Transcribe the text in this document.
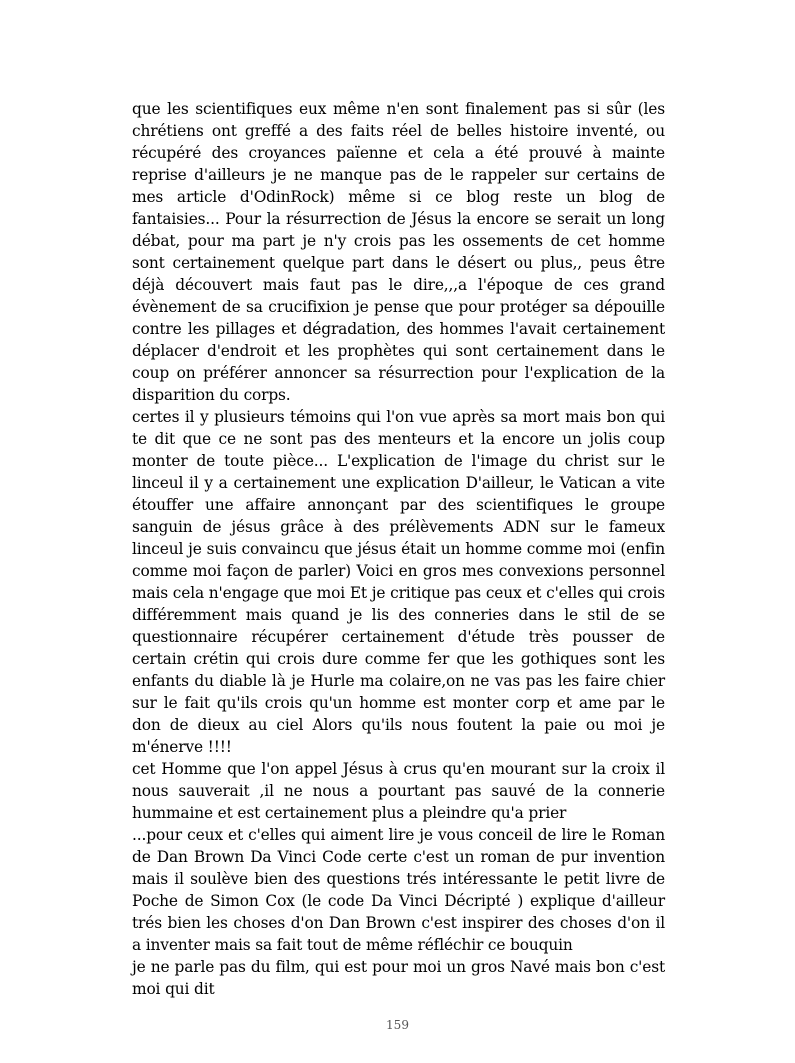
que les scientifiques eux même n'en sont finalement pas si sûr (les chrétiens ont greffé a des faits réel de belles histoire inventé, ou récupéré des croyances païenne et cela a été prouvé à mainte reprise d'ailleurs je ne manque pas de le rappeler sur certains de mes article d'OdinRock) même si ce blog reste un blog de fantaisies... Pour la résurrection de Jésus la encore se serait un long débat, pour ma part je n'y crois pas les ossements de cet homme sont certainement quelque part dans le désert ou plus,, peus être déjà découvert mais faut pas le dire,,,a l'époque de ces grand évènement de sa crucifixion je pense que pour protéger sa dépouille contre les pillages et dégradation, des hommes l'avait certainement déplacer d'endroit et les prophètes qui sont certainement dans le coup on préférer annoncer sa résurrection pour l'explication de la disparition du corps.

certes il y plusieurs témoins qui l'on vue après sa mort mais bon qui te dit que ce ne sont pas des menteurs et la encore un jolis coup monter de toute pièce... L'explication de l'image du christ sur le linceul il y a certainement une explication D'ailleur, le Vatican a vite étouffer une affaire annonçant par des scientifiques le groupe sanguin de jésus grâce à des prélèvements ADN sur le fameux linceul je suis convaincu que jésus était un homme comme moi (enfin comme moi façon de parler) Voici en gros mes convexions personnel mais cela n'engage que moi Et je critique pas ceux et c'elles qui crois différemment mais quand je lis des conneries dans le stil de se questionnaire récupérer certainement d'étude très pousser de certain crétin qui crois dure comme fer que les gothiques sont les enfants du diable là je Hurle ma colaire,on ne vas pas les faire chier sur le fait qu'ils crois qu'un homme est monter corp et ame par le don de dieux au ciel Alors qu'ils nous foutent la paie ou moi je m'énerve !!!!

cet Homme que l'on appel Jésus à crus qu'en mourant sur la croix il nous sauverait ,il ne nous a pourtant pas sauvé de la connerie hummaine et est certainement plus a pleindre qu'a prier

...pour ceux et c'elles qui aiment lire je vous conceil de lire le Roman de Dan Brown Da Vinci Code certe c'est un roman de pur invention mais il soulève bien des questions trés intéressante le petit livre de Poche de Simon Cox (le code Da Vinci Décripté ) explique d'ailleur trés bien les choses d'on Dan Brown c'est inspirer des choses d'on il a inventer mais sa fait tout de même réfléchir ce bouquin

je ne parle pas du film, qui est pour moi un gros Navé mais bon c'est moi qui dit

159
